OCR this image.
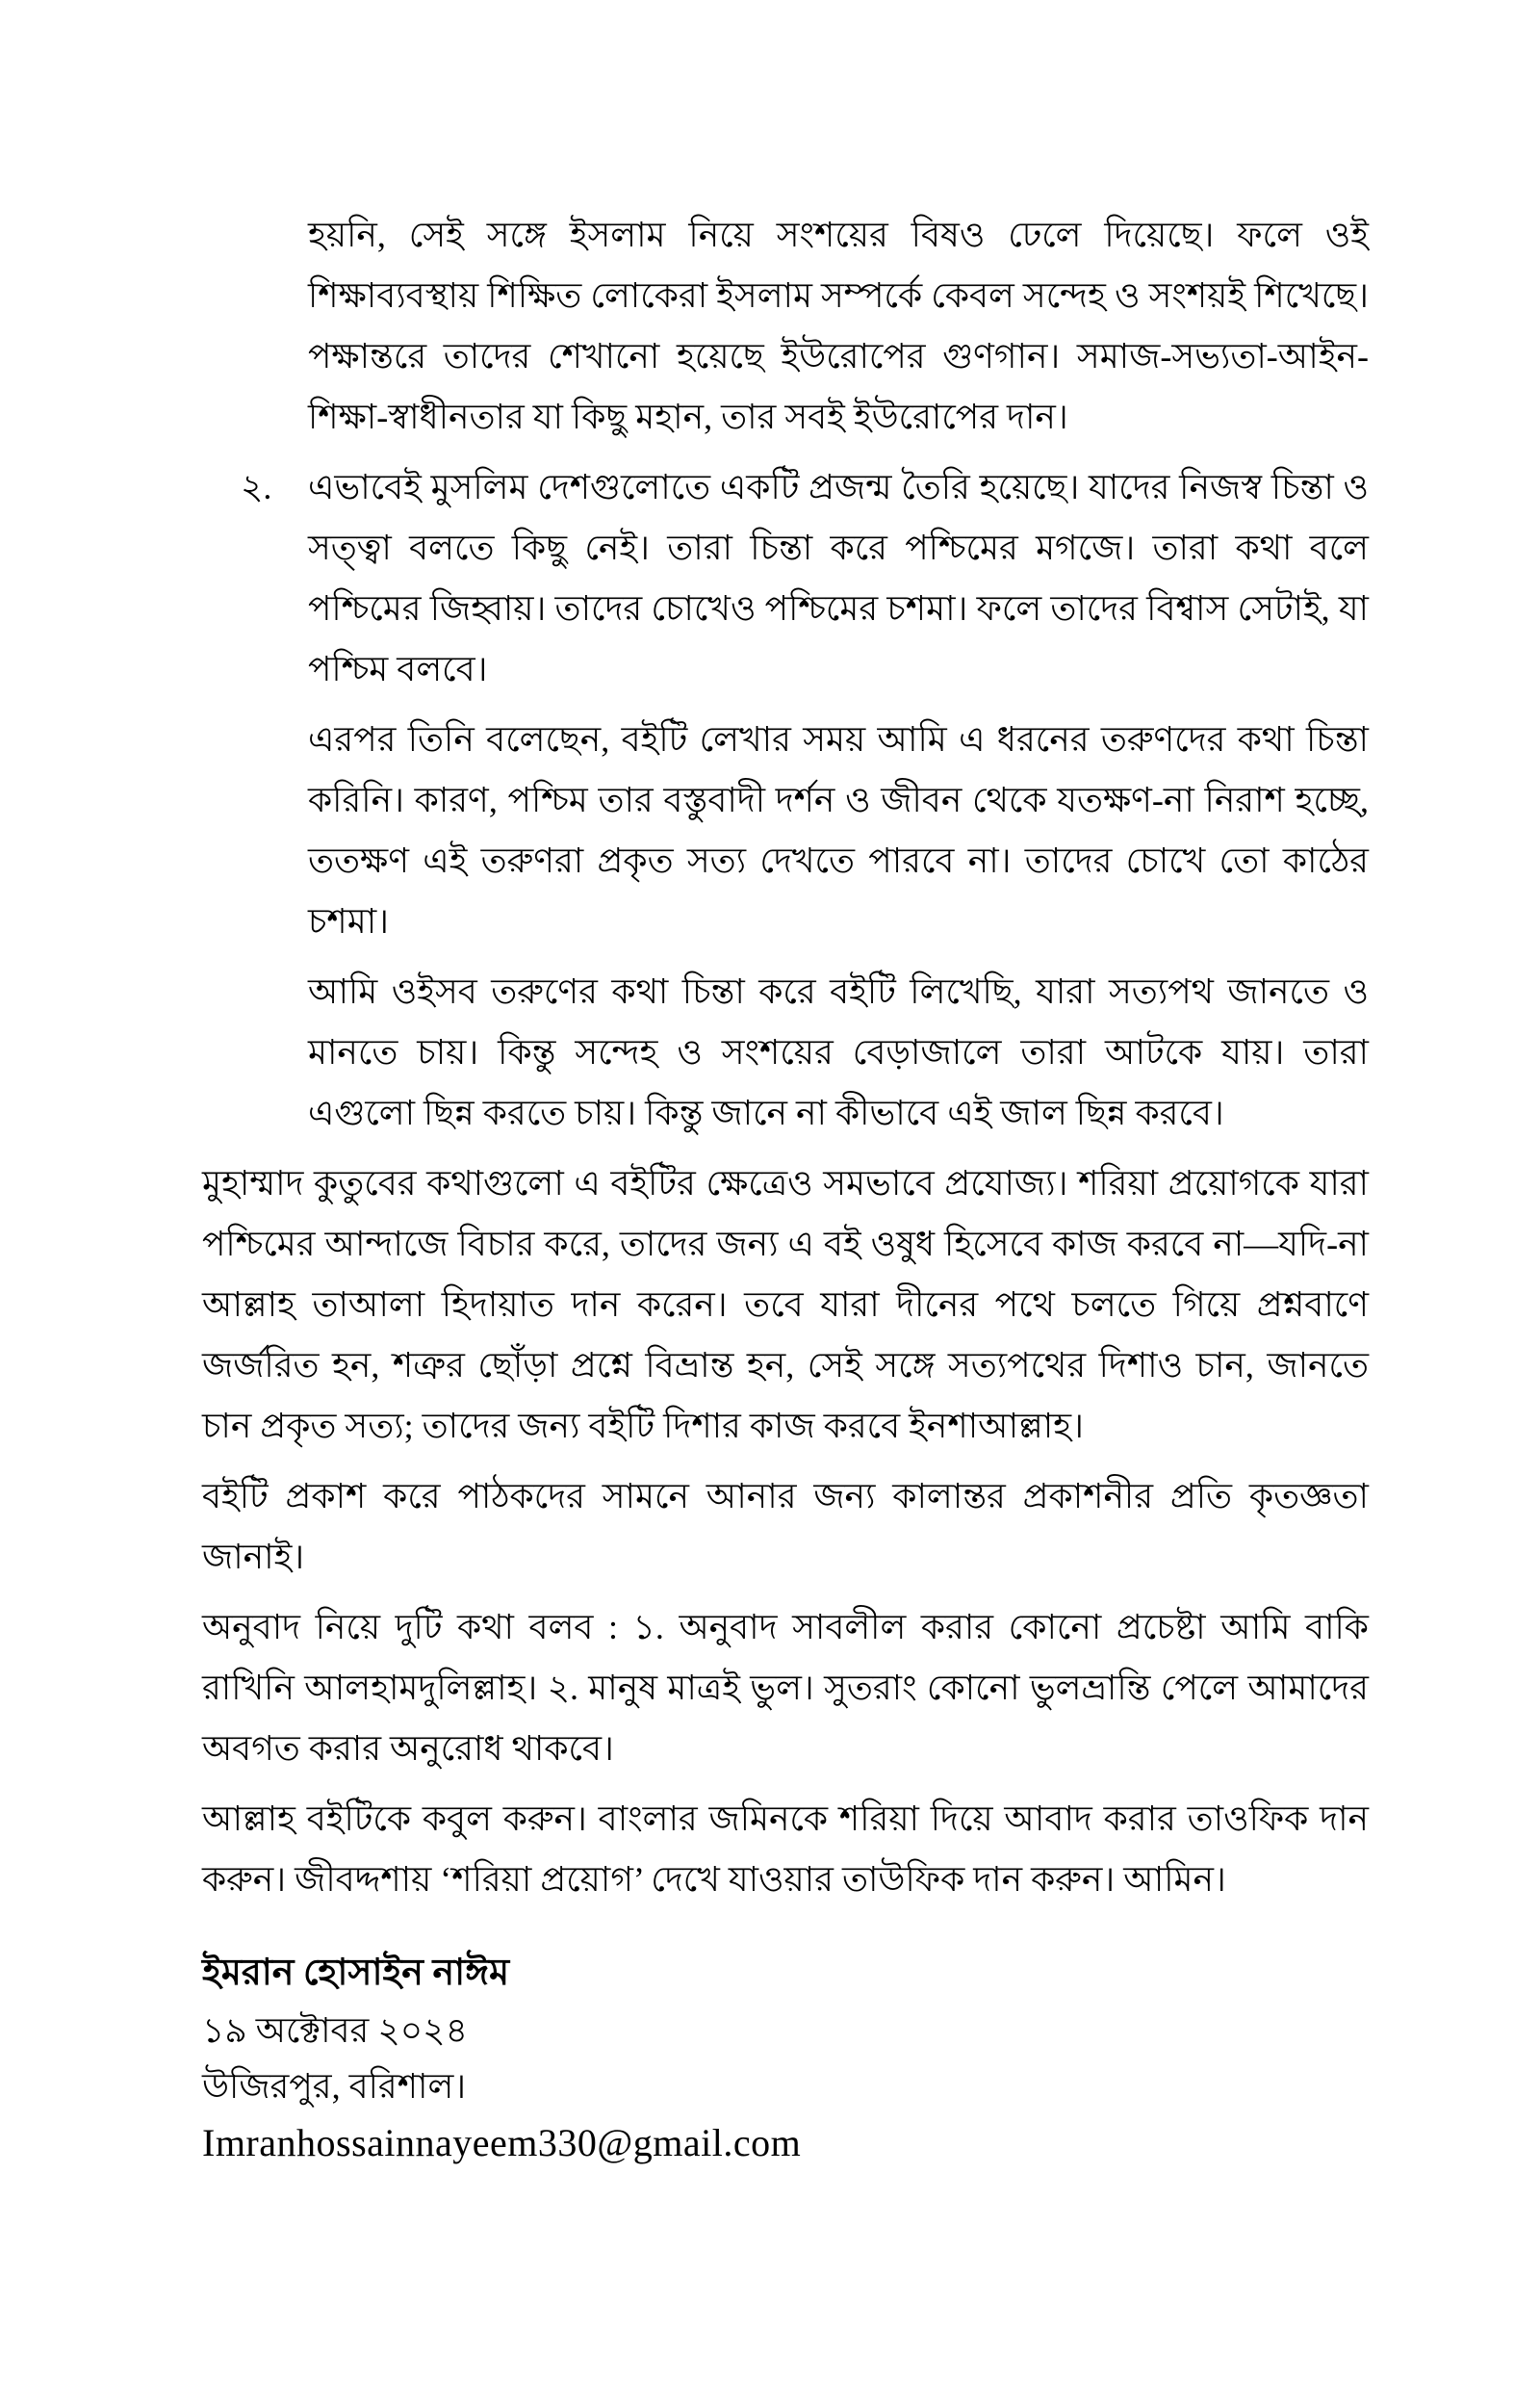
হয়নি, সেই সঙ্গে ইসলাম নিয়ে সংশয়ের বিষও ঢেলে দিয়েছে। ফলে ওই শিক্ষাব্যবস্থায় শিক্ষিত লোকেরা ইসলাম সম্পর্কে কেবল সন্দেহ ও সংশয়ই শিখেছে। পক্ষান্তরে তাদের শেখানো হয়েছে ইউরোপের গুণগান। সমাজ-সভ্যতা-আইন-শিক্ষা-স্বাধীনতার যা কিছু মহান, তার সবই ইউরোপের দান।

২.	এভাবেই মুসলিম দেশগুলোতে একটি প্রজন্ম তৈরি হয়েছে। যাদের নিজস্ব চিন্তা ও সত্ত্বা বলতে কিছু নেই। তারা চিন্তা করে পশ্চিমের মগজে। তারা কথা বলে পশ্চিমের জিহ্বায়। তাদের চোখেও পশ্চিমের চশমা। ফলে তাদের বিশ্বাস সেটাই, যা পশ্চিম বলবে।

এরপর তিনি বলেছেন, বইটি লেখার সময় আমি এ ধরনের তরুণদের কথা চিন্তা করিনি। কারণ, পশ্চিম তার বস্তুবাদী দর্শন ও জীবন থেকে যতক্ষণ-না নিরাশ হচ্ছে, ততক্ষণ এই তরুণরা প্রকৃত সত্য দেখতে পারবে না। তাদের চোখে তো কাঠের চশমা।

আমি ওইসব তরুণের কথা চিন্তা করে বইটি লিখেছি, যারা সত্যপথ জানতে ও মানতে চায়। কিন্তু সন্দেহ ও সংশয়ের বেড়াজালে তারা আটকে যায়। তারা এগুলো ছিন্ন করতে চায়। কিন্তু জানে না কীভাবে এই জাল ছিন্ন করবে।

মুহাম্মাদ কুতুবের কথাগুলো এ বইটির ক্ষেত্রেও সমভাবে প্রযোজ্য। শরিয়া প্রয়োগকে যারা পশ্চিমের আন্দাজে বিচার করে, তাদের জন্য এ বই ওষুধ হিসেবে কাজ করবে না—যদি-না আল্লাহ তাআলা হিদায়াত দান করেন। তবে যারা দীনের পথে চলতে গিয়ে প্রশ্নবাণে জর্জরিত হন, শত্রুর ছোঁড়া প্রশ্নে বিভ্রান্ত হন, সেই সঙ্গে সত্যপথের দিশাও চান, জানতে চান প্রকৃত সত্য; তাদের জন্য বইটি দিশার কাজ করবে ইনশাআল্লাহ।

বইটি প্রকাশ করে পাঠকদের সামনে আনার জন্য কালান্তর প্রকাশনীর প্রতি কৃতজ্ঞতা জানাই।

অনুবাদ নিয়ে দুটি কথা বলব : ১. অনুবাদ সাবলীল করার কোনো প্রচেষ্টা আমি বাকি রাখিনি আলহামদুলিল্লাহ। ২. মানুষ মাত্রই ভুল। সুতরাং কোনো ভুলভ্রান্তি পেলে আমাদের অবগত করার অনুরোধ থাকবে।

আল্লাহ বইটিকে কবুল করুন। বাংলার জমিনকে শরিয়া দিয়ে আবাদ করার তাওফিক দান করুন। জীবদ্দশায় ‘শরিয়া প্রয়োগ’ দেখে যাওয়ার তাউফিক দান করুন। আমিন।

ইমরান হোসাইন নাঈম

১৯ অক্টোবর ২০২৪

উজিরপুর, বরিশাল।

Imranhossainnayeem330@gmail.com
